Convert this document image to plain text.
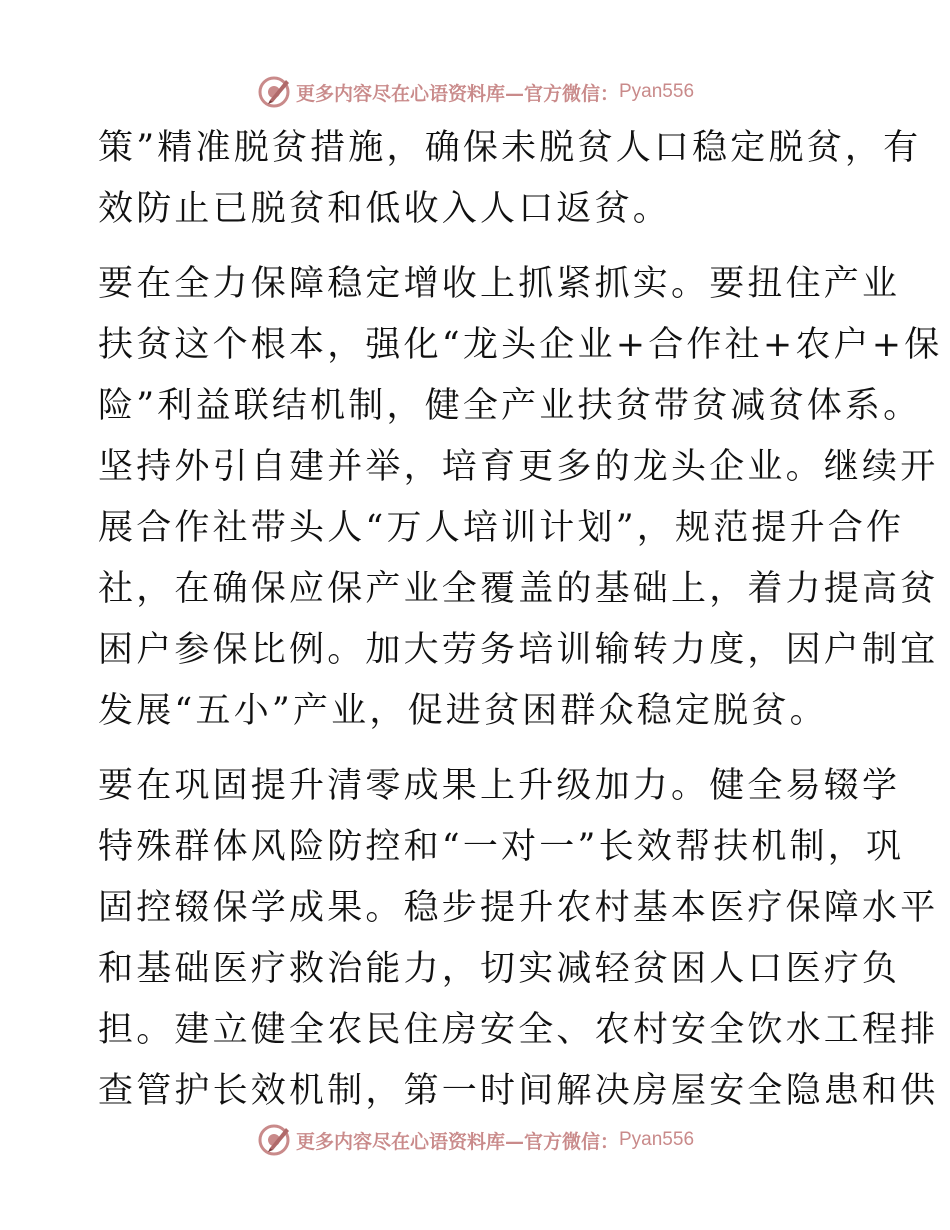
更多内容尽在心语资料库—官方微信： Pyan556
策”精准脱贫措施，确保未脱贫人口稳定脱贫，有
效防止已脱贫和低收入人口返贫。
要在全力保障稳定增收上抓紧抓实。要扭住产业
扶贫这个根本，强化“龙头企业+合作社+农户+保
险”利益联结机制，健全产业扶贫带贫减贫体系。
坚持外引自建并举，培育更多的龙头企业。继续开
展合作社带头人“万人培训计划”，规范提升合作
社，在确保应保产业全覆盖的基础上，着力提高贫
困户参保比例。加大劳务培训输转力度，因户制宜
发展“五小”产业，促进贫困群众稳定脱贫。
要在巩固提升清零成果上升级加力。健全易辍学
特殊群体风险防控和“一对一”长效帮扶机制，巩
固控辍保学成果。稳步提升农村基本医疗保障水平
和基础医疗救治能力，切实减轻贫困人口医疗负
担。建立健全农民住房安全、农村安全饮水工程排
查管护长效机制，第一时间解决房屋安全隐患和供
更多内容尽在心语资料库—官方微信： Pyan556
